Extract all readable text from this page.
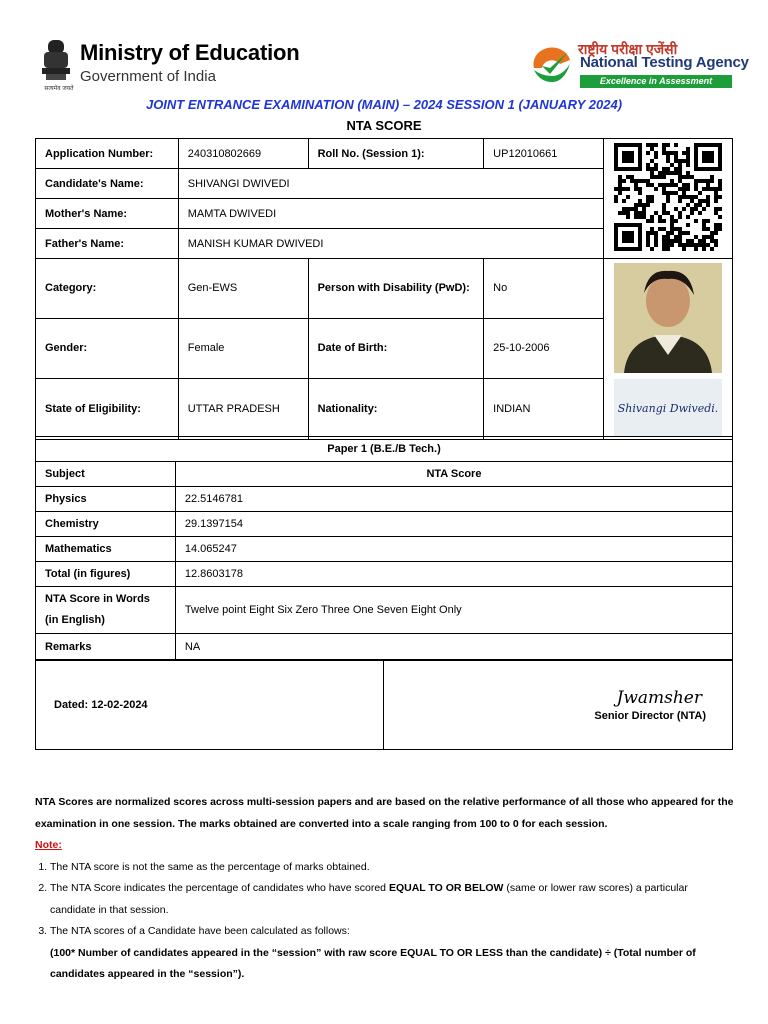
सत्यमेव जयते
Ministry of Education
Government of India
राष्ट्रीय परीक्षा एजेंसी
National Testing Agency
Excellence in Assessment
JOINT ENTRANCE EXAMINATION (MAIN) – 2024 SESSION 1 (JANUARY 2024)
NTA SCORE
Application Number:	240310802669	Roll No. (Session 1):	UP12010661	
Candidate's Name:	SHIVANGI DWIVEDI			
Mother's Name:	MAMTA DWIVEDI			
Father's Name:	MANISH KUMAR DWIVEDI			
Category:	Gen-EWS	Person with Disability (PwD):	No	Shivangi Dwivedi.

Gender:	Female	Date of Birth:	25-10-2006	
State of Eligibility:	UTTAR PRADESH	Nationality:	INDIAN	
Paper 1 (B.E./B Tech.)	
Subject	NTA Score
Physics	22.5146781
Chemistry	29.1397154
Mathematics	14.065247
Total (in figures)	12.8603178
NTA Score in Words (in English)	Twelve point Eight Six Zero Three One Seven Eight Only
Remarks	NA
Dated: 12-02-2024	Jwamsher
Senior Director (NTA)

NTA Scores are normalized scores across multi-session papers and are based on the relative performance of all those who appeared for the examination in one session. The marks obtained are converted into a scale ranging from 100 to 0 for each session.

Note:

1. The NTA score is not the same as the percentage of marks obtained.
2. The NTA Score indicates the percentage of candidates who have scored EQUAL TO OR BELOW (same or lower raw scores) a particular candidate in that session.
3. The NTA scores of a Candidate have been calculated as follows:
(100* Number of candidates appeared in the “session” with raw score EQUAL TO OR LESS than the candidate) ÷ (Total number of candidates appeared in the “session”).
